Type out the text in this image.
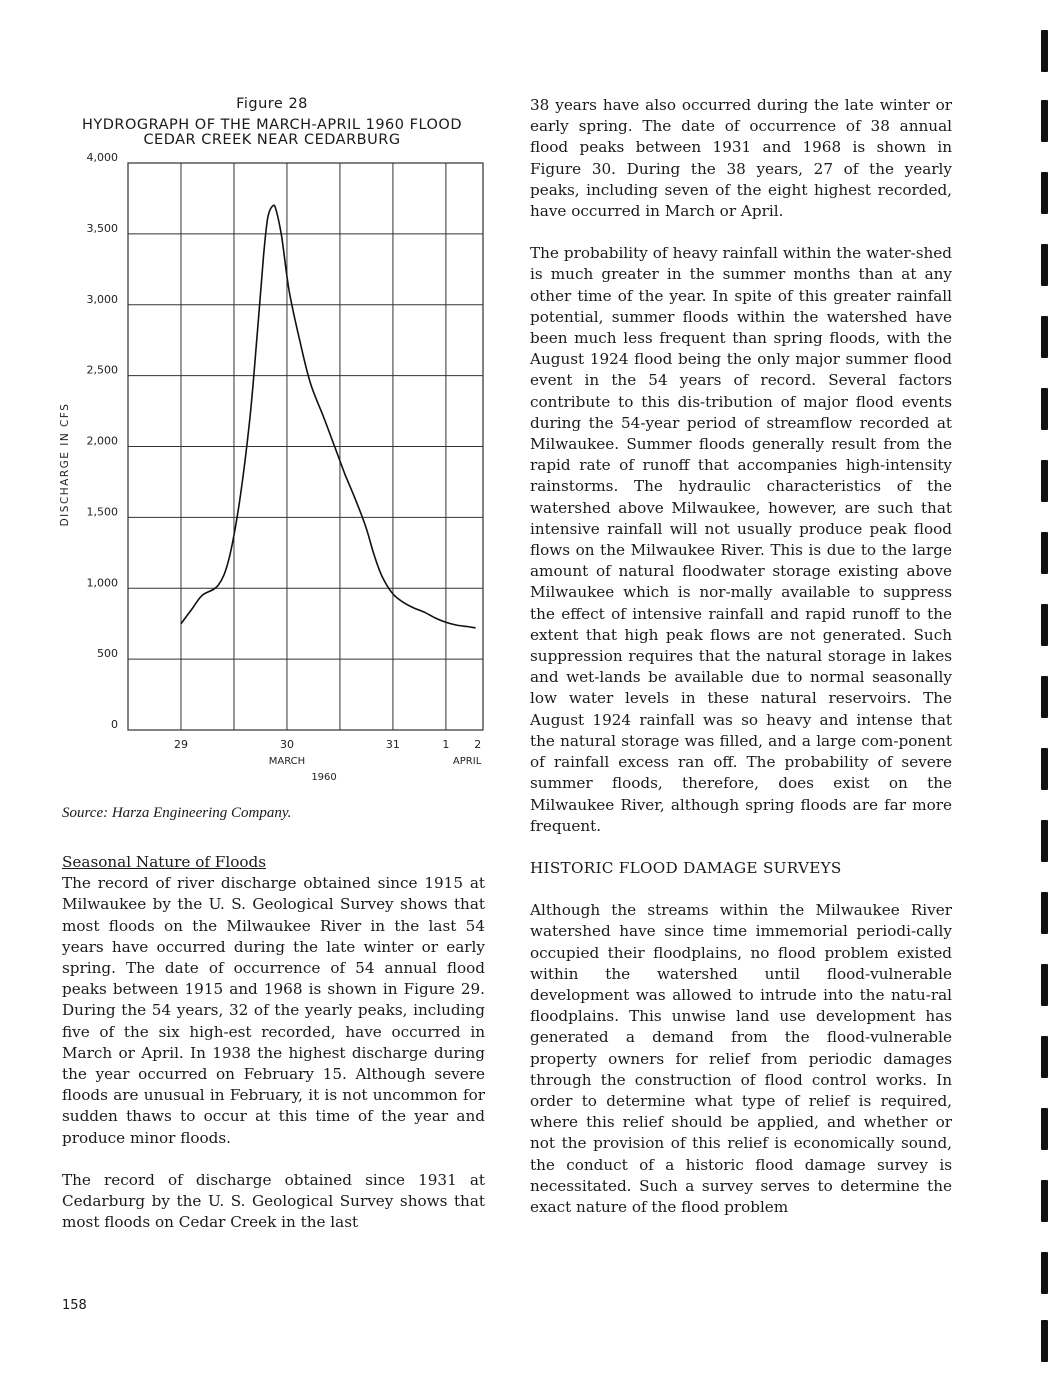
Figure 28
HYDROGRAPH OF THE MARCH-APRIL 1960 FLOOD
CEDAR CREEK NEAR CEDARBURG
0
500
1,000
1,500
2,000
2,500
3,000
3,500
4,000
29	30	31	1 2
MARCH	APRIL
1960
DISCHARGE IN CFS
Source: Harza Engineering Company.

Seasonal Nature of Floods

The record of river discharge obtained since 1915 at Milwaukee by the U. S. Geological Survey shows that most floods on the Milwaukee River in the last 54 years have occurred during the late winter or early spring. The date of occurrence of 54 annual flood peaks between 1915 and 1968 is shown in Figure 29. During the 54 years, 32 of the yearly peaks, including five of the six high-est recorded, have occurred in March or April. In 1938 the highest discharge during the year occurred on February 15. Although severe floods are unusual in February, it is not uncommon for sudden thaws to occur at this time of the year and produce minor floods.

The record of discharge obtained since 1931 at Cedarburg by the U. S. Geological Survey shows that most floods on Cedar Creek in the last

38 years have also occurred during the late winter or early spring. The date of occurrence of 38 annual flood peaks between 1931 and 1968 is shown in Figure 30. During the 38 years, 27 of the yearly peaks, including seven of the eight highest recorded, have occurred in March or April.

The probability of heavy rainfall within the water-shed is much greater in the summer months than at any other time of the year. In spite of this greater rainfall potential, summer floods within the watershed have been much less frequent than spring floods, with the August 1924 flood being the only major summer flood event in the 54 years of record. Several factors contribute to this dis-tribution of major flood events during the 54-year period of streamflow recorded at Milwaukee. Summer floods generally result from the rapid rate of runoff that accompanies high-intensity rainstorms. The hydraulic characteristics of the watershed above Milwaukee, however, are such that intensive rainfall will not usually produce peak flood flows on the Milwaukee River. This is due to the large amount of natural floodwater storage existing above Milwaukee which is nor-mally available to suppress the effect of intensive rainfall and rapid runoff to the extent that high peak flows are not generated. Such suppression requires that the natural storage in lakes and wet-lands be available due to normal seasonally low water levels in these natural reservoirs. The August 1924 rainfall was so heavy and intense that the natural storage was filled, and a large com-ponent of rainfall excess ran off. The probability of severe summer floods, therefore, does exist on the Milwaukee River, although spring floods are far more frequent.

HISTORIC FLOOD DAMAGE SURVEYS

Although the streams within the Milwaukee River watershed have since time immemorial periodi-cally occupied their floodplains, no flood problem existed within the watershed until flood-vulnerable development was allowed to intrude into the natu-ral floodplains. This unwise land use development has generated a demand from the flood-vulnerable property owners for relief from periodic damages through the construction of flood control works. In order to determine what type of relief is required, where this relief should be applied, and whether or not the provision of this relief is economically sound, the conduct of a historic flood damage survey is necessitated. Such a survey serves to determine the exact nature of the flood problem

158
